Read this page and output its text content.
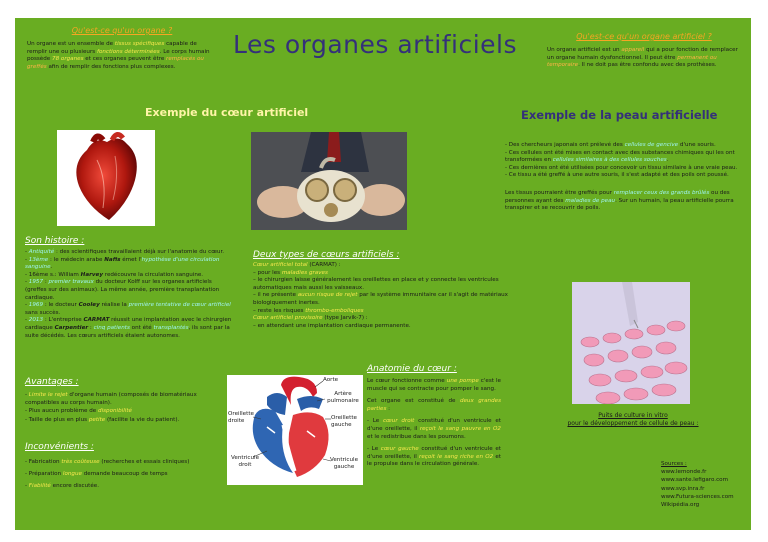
Qu'est-ce qu'un organe ?
Un organe est un ensemble de tissus spécifiques capable de remplir une ou plusieurs fonctions déterminées. Le corps humain possède 78 organes et ces organes peuvent être remplacés ou greffés afin de remplir des fonctions plus complexes.
Les organes artificiels	Qu'est-ce qu'un organe artificiel ?
Un organe artificiel est un appareil qui a pour fonction de remplacer un organe humain dysfonctionnel. Il peut être permanent ou temporaire. Il ne doit pas être confondu avec des prothèses.
Exemple du cœur artificiel	Exemple de la peau artificielle
Son histoire :
- Antiquité : des scientifiques travaillaient déjà sur l'anatomie du cœur.
- 13ème : le médecin arabe Nafis émet l'hypothèse d'une circulation sanguine.
- 16ème s.: William Harvey redécouvre la circulation sanguine.
- 1957 : premier travaux du docteur Kolff sur les organes artificiels (greffes sur des animaux). La même année, première transplantation cardiaque.
- 1969 : le docteur Cooley réalise la première tentative de cœur artificiel sans succès.
- 2013 : L'entreprise CARMAT réussit une implantation avec le chirurgien cardiaque Carpentier : cinq patients ont été transplantés, ils sont par la suite décédés. Les cœurs artificiels étaient autonomes.
Deux types de cœurs artificiels :
Cœur artificiel total (CARMAT) :
– pour les maladies graves
– le chirurgien laisse généralement les oreillettes en place et y connecte les ventricules automatiques mais aussi les vaisseaux.
– il ne présente aucun risque de rejet par le système immunitaire car il s'agit de matériaux biologiquement inertes.
– reste les risques thrombo-emboliques
Cœur artificiel provisoire (type Jarvik-7) :
– en attendant une implantation cardiaque permanente.
Avantages :
- Limite le rejet d'organe humain (composés de biomatériaux compatibles au corps humain).
- Plus aucun problème de disponibilité
- Taille de plus en plus petite (facilite la vie du patient).
Inconvénients :
- Fabrication très coûteuse (recherches et essais cliniques)
- Préparation longue demande beaucoup de temps
- Fiabilité encore discutée.
Aorte
Artère pulmonaire
Oreillette gauche
Oreillette droite
Ventricule droit
Ventricule gauche
Anatomie du cœur :
Le cœur fonctionne comme une pompe c'est le muscle qui se contracte pour pomper le sang.
Cet organe est constitué de deux grandes parties :
- Le cœur droit constitué d'un ventricule et d'une oreillette, il reçoit le sang pauvre en O2 et le redistribue dans les poumons.
- Le cœur gauche constitué d'un ventricule et d'une oreillette, il reçoit le sang riche en O2 et le propulse dans le circulation générale.
- Des chercheurs japonais ont prélevé des cellules de gencive d'une souris.
- Ces cellules ont été mises en contact avec des substances chimiques qui les ont transformées en cellules similaires à des cellules souches.
- Ces dernières ont été utilisées pour concevoir un tissu similaire à une vraie peau.
- Ce tissu a été greffé à une autre souris, il s'est adapté et des poils ont poussé.
Les tissus pourraient être greffés pour remplacer ceux des grands brûlés ou des personnes ayant des maladies de peau. Sur un humain, la peau artificielle pourra transpirer et se recouvrir de poils.
Puits de culture in vitro
pour le développement de cellule de peau :
Sources :
www.lemonde.fr
www.sante.lefigaro.com
www.svp.inra.fr
www.Futura-sciences.com
Wikipédia.org
